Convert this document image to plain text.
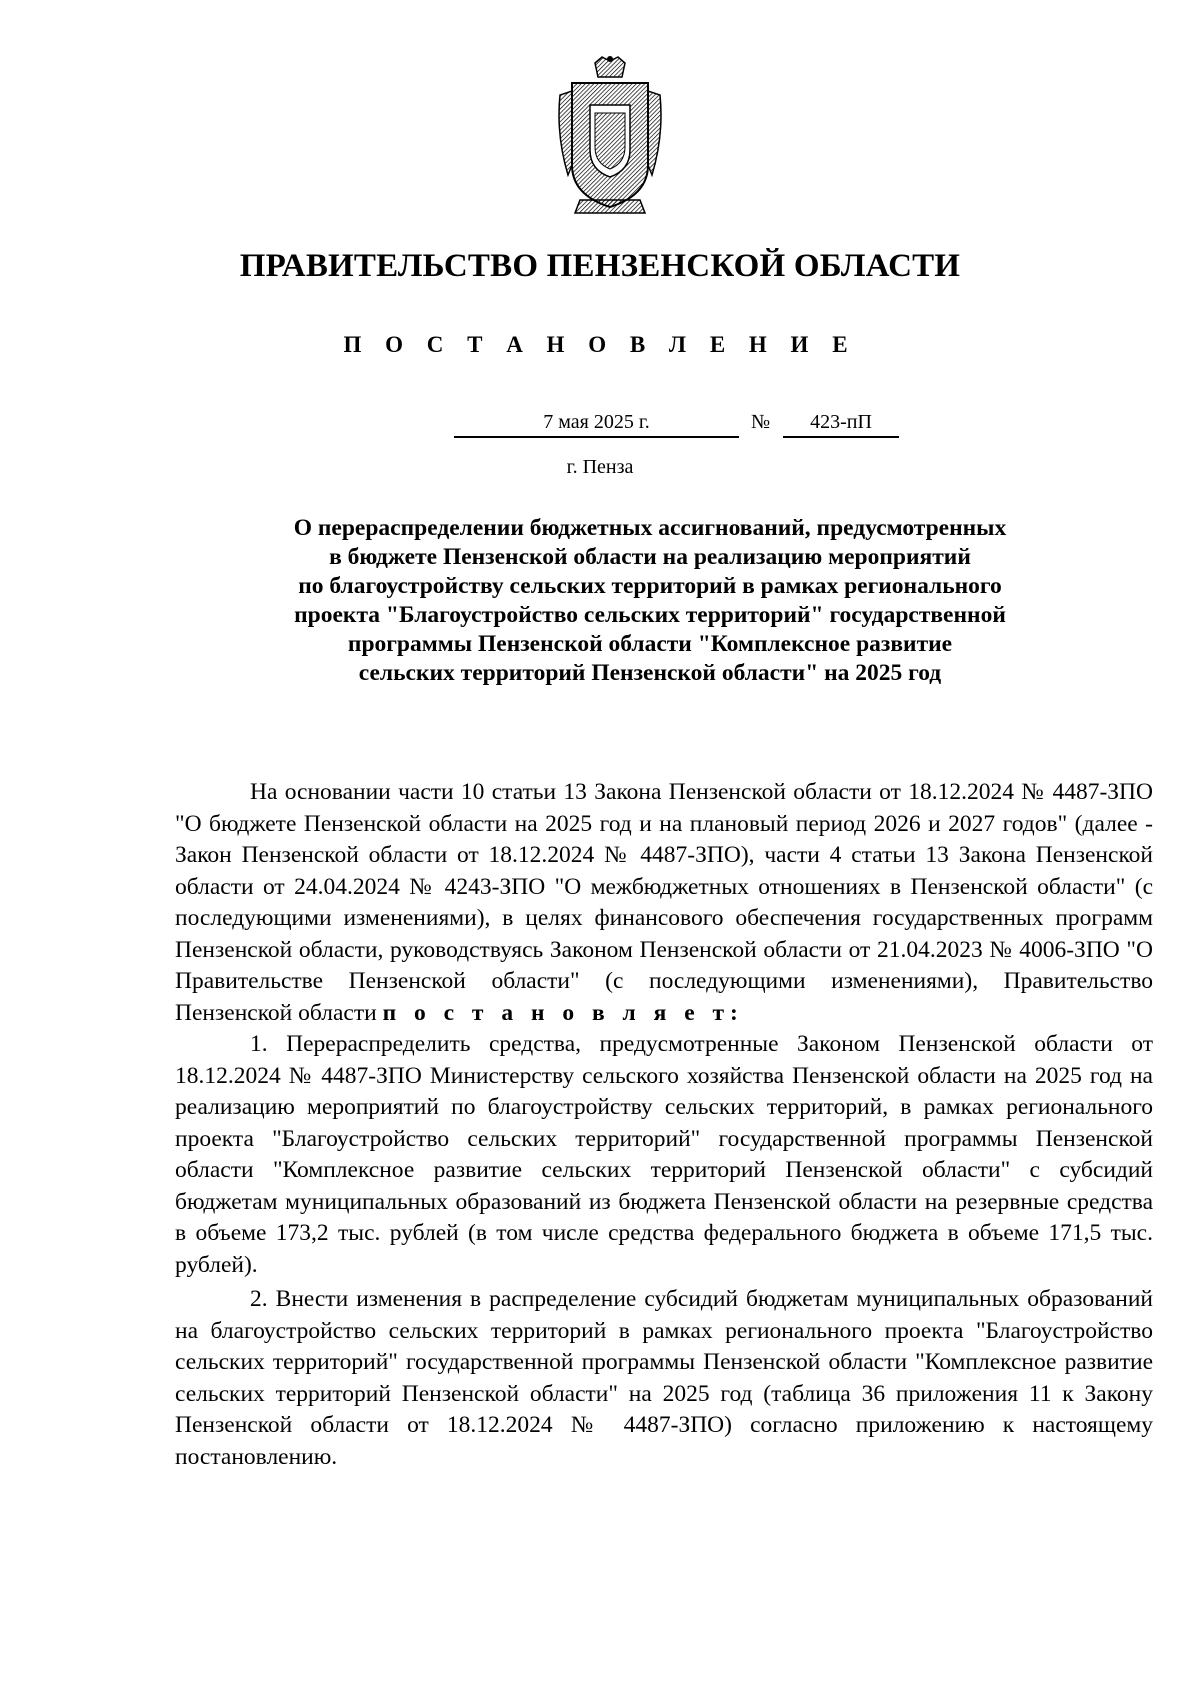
ПРАВИТЕЛЬСТВО ПЕНЗЕНСКОЙ ОБЛАСТИ
П О С Т А Н О В Л Е Н И Е
7 мая 2025 г.	№	423-пП
г. Пенза
О перераспределении бюджетных ассигнований, предусмотренных
в бюджете Пензенской области на реализацию мероприятий
по благоустройству сельских территорий в рамках регионального
проекта "Благоустройство сельских территорий" государственной
программы Пензенской области "Комплексное развитие
сельских территорий Пензенской области" на 2025 год

На основании части 10 статьи 13 Закона Пензенской области от 18.12.2024 № 4487-ЗПО "О бюджете Пензенской области на 2025 год и на плановый период 2026 и 2027 годов" (далее - Закон Пензенской области от 18.12.2024 № 4487-ЗПО), части 4 статьи 13 Закона Пензенской области от 24.04.2024 № 4243-ЗПО "О межбюджетных отношениях в Пензенской области" (с последующими изменениями), в целях финансового обеспечения государственных программ Пензенской области, руководствуясь Законом Пензенской области от 21.04.2023 № 4006-ЗПО "О Правительстве Пензенской области" (с последующими изменениями), Правительство Пензенской области п о с т а н о в л я е т:

1. Перераспределить средства, предусмотренные Законом Пензенской области от 18.12.2024 № 4487-ЗПО Министерству сельского хозяйства Пензенской области на 2025 год на реализацию мероприятий по благоустройству сельских территорий, в рамках регионального проекта "Благоустройство сельских территорий" государственной программы Пензенской области "Комплексное развитие сельских территорий Пензенской области" с субсидий бюджетам муниципальных образований из бюджета Пензенской области на резервные средства в объеме 173,2 тыс. рублей (в том числе средства федерального бюджета в объеме 171,5 тыс. рублей).

2. Внести изменения в распределение субсидий бюджетам муниципальных образований на благоустройство сельских территорий в рамках регионального проекта "Благоустройство сельских территорий" государственной программы Пензенской области "Комплексное развитие сельских территорий Пензенской области" на 2025 год (таблица 36 приложения 11 к Закону Пензенской области от 18.12.2024 № 4487-ЗПО) согласно приложению к настоящему постановлению.
